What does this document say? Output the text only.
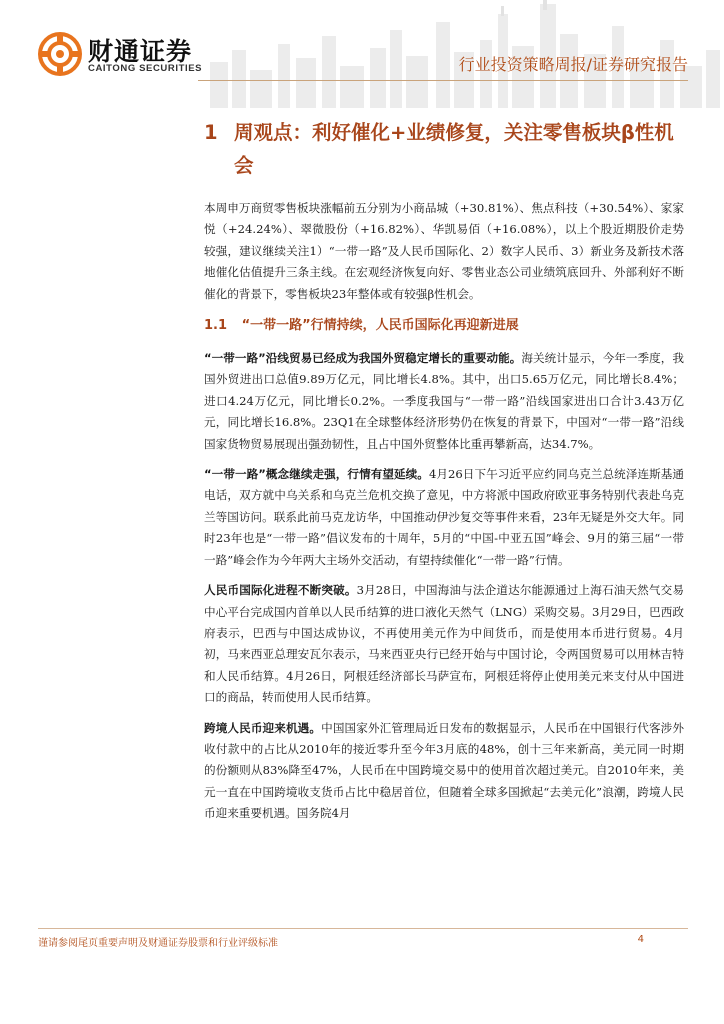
财通证券
CAITONG SECURITIES	行业投资策略周报/证券研究报告
1 周观点：利好催化+业绩修复，关注零售板块β性机会

本周申万商贸零售板块涨幅前五分别为小商品城（+30.81%）、焦点科技（+30.54%）、家家悦（+24.24%）、翠微股份（+16.82%）、华凯易佰（+16.08%），以上个股近期股价走势较强，建议继续关注1）“一带一路”及人民币国际化、2）数字人民币、3）新业务及新技术落地催化估值提升三条主线。在宏观经济恢复向好、零售业态公司业绩筑底回升、外部利好不断催化的背景下，零售板块23年整体或有较强β性机会。

1.1 “一带一路”行情持续，人民币国际化再迎新进展

“一带一路”沿线贸易已经成为我国外贸稳定增长的重要动能。海关统计显示，今年一季度，我国外贸进出口总值9.89万亿元，同比增长4.8%。其中，出口5.65万亿元，同比增长8.4%；进口4.24万亿元，同比增长0.2%。一季度我国与“一带一路”沿线国家进出口合计3.43万亿元，同比增长16.8%。23Q1在全球整体经济形势仍在恢复的背景下，中国对“一带一路”沿线国家货物贸易展现出强劲韧性，且占中国外贸整体比重再攀新高，达34.7%。

“一带一路”概念继续走强，行情有望延续。4月26日下午习近平应约同乌克兰总统泽连斯基通电话，双方就中乌关系和乌克兰危机交换了意见，中方将派中国政府欧亚事务特别代表赴乌克兰等国访问。联系此前马克龙访华，中国推动伊沙复交等事件来看，23年无疑是外交大年。同时23年也是“一带一路”倡议发布的十周年，5月的“中国-中亚五国”峰会、9月的第三届“一带一路”峰会作为今年两大主场外交活动，有望持续催化“一带一路”行情。

人民币国际化进程不断突破。3月28日，中国海油与法企道达尔能源通过上海石油天然气交易中心平台完成国内首单以人民币结算的进口液化天然气（LNG）采购交易。3月29日，巴西政府表示，巴西与中国达成协议，不再使用美元作为中间货币，而是使用本币进行贸易。4月初，马来西亚总理安瓦尔表示，马来西亚央行已经开始与中国讨论，令两国贸易可以用林吉特和人民币结算。4月26日，阿根廷经济部长马萨宣布，阿根廷将停止使用美元来支付从中国进口的商品，转而使用人民币结算。

跨境人民币迎来机遇。中国国家外汇管理局近日发布的数据显示，人民币在中国银行代客涉外收付款中的占比从2010年的接近零升至今年3月底的48%，创十三年来新高，美元同一时期的份额则从83%降至47%，人民币在中国跨境交易中的使用首次超过美元。自2010年来，美元一直在中国跨境收支货币占比中稳居首位，但随着全球多国掀起“去美元化”浪潮，跨境人民币迎来重要机遇。国务院4月

谨请参阅尾页重要声明及财通证券股票和行业评级标准	4
